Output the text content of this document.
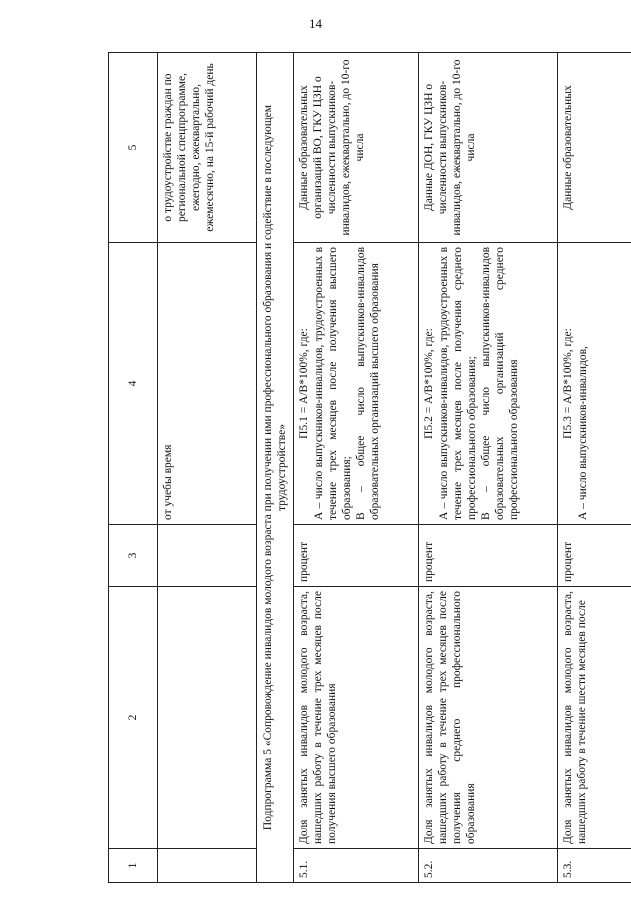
14
1	2	3	4	5
			от учебы время	о трудоустройстве граждан по региональной спецпрограмме, ежегодно, ежеквартально, ежемесячно, на 15-й рабочий день
Подпрограмма 5 «Сопровождение инвалидов молодого возраста при получении ими профессионального образования и содействие в последующем трудоустройстве»				
5.1.	Доля занятых инвалидов молодого возраста, нашедших работу в течение трех месяцев после получения высшего образования	процент	П5.1 = А/В*100%, где: А – число выпускников-инвалидов, трудоустроенных в течение трех месяцев после получения высшего образования; В – общее число выпускников-инвалидов образовательных организаций высшего образования	Данные образовательных организаций ВО, ГКУ ЦЗН о численности выпускников-инвалидов, ежеквартально, до 10-го числа
5.2.	Доля занятых инвалидов молодого возраста, нашедших работу в течение трех месяцев после получения среднего профессионального образования	процент	П5.2 = А/В*100%, где: А – число выпускников-инвалидов, трудоустроенных в течение трех месяцев после получения среднего профессионального образования; В – общее число выпускников-инвалидов образовательных организаций среднего профессионального образования	Данные ДОН, ГКУ ЦЗН о численности выпускников-инвалидов, ежеквартально, до 10-го числа
5.3.	Доля занятых инвалидов молодого возраста, нашедших работу в течение шести месяцев после	процент	П5.3 = А/В*100%, где: А – число выпускников-инвалидов,	Данные образовательных
